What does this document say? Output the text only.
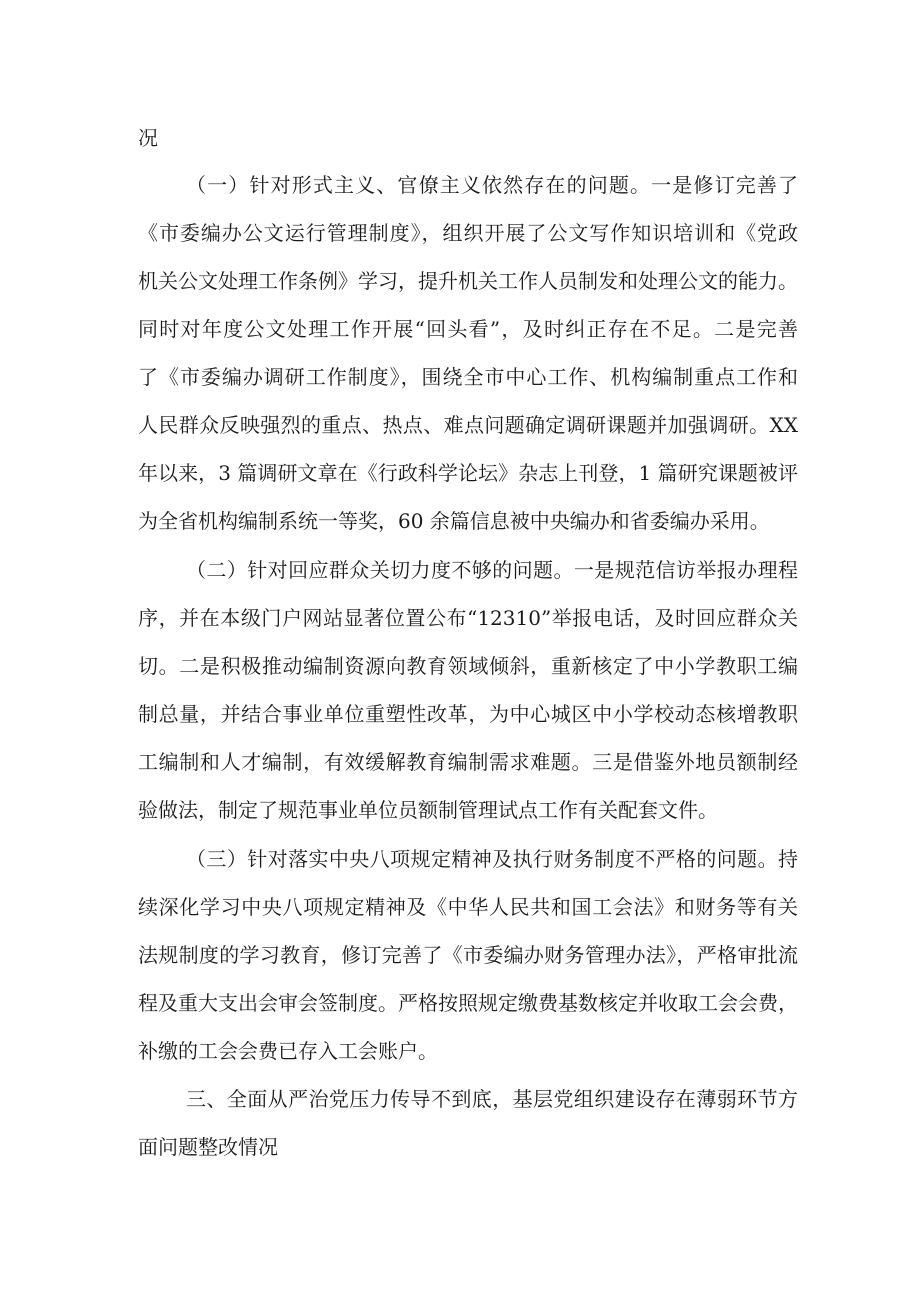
况
（一）针对形式主义、官僚主义依然存在的问题。一是修订完善了
《市委编办公文运行管理制度》，组织开展了公文写作知识培训和《党政
机关公文处理工作条例》学习，提升机关工作人员制发和处理公文的能力。
同时对年度公文处理工作开展“回头看”，及时纠正存在不足。二是完善
了《市委编办调研工作制度》，围绕全市中心工作、机构编制重点工作和
人民群众反映强烈的重点、热点、难点问题确定调研课题并加强调研。XX
年以来，3 篇调研文章在《行政科学论坛》杂志上刊登，1 篇研究课题被评
为全省机构编制系统一等奖，60 余篇信息被中央编办和省委编办采用。
（二）针对回应群众关切力度不够的问题。一是规范信访举报办理程
序，并在本级门户网站显著位置公布“12310”举报电话，及时回应群众关
切。二是积极推动编制资源向教育领域倾斜，重新核定了中小学教职工编
制总量，并结合事业单位重塑性改革，为中心城区中小学校动态核增教职
工编制和人才编制，有效缓解教育编制需求难题。三是借鉴外地员额制经
验做法，制定了规范事业单位员额制管理试点工作有关配套文件。
（三）针对落实中央八项规定精神及执行财务制度不严格的问题。持
续深化学习中央八项规定精神及《中华人民共和国工会法》和财务等有关
法规制度的学习教育，修订完善了《市委编办财务管理办法》，严格审批流
程及重大支出会审会签制度。严格按照规定缴费基数核定并收取工会会费，
补缴的工会会费已存入工会账户。
三、全面从严治党压力传导不到底，基层党组织建设存在薄弱环节方
面问题整改情况
